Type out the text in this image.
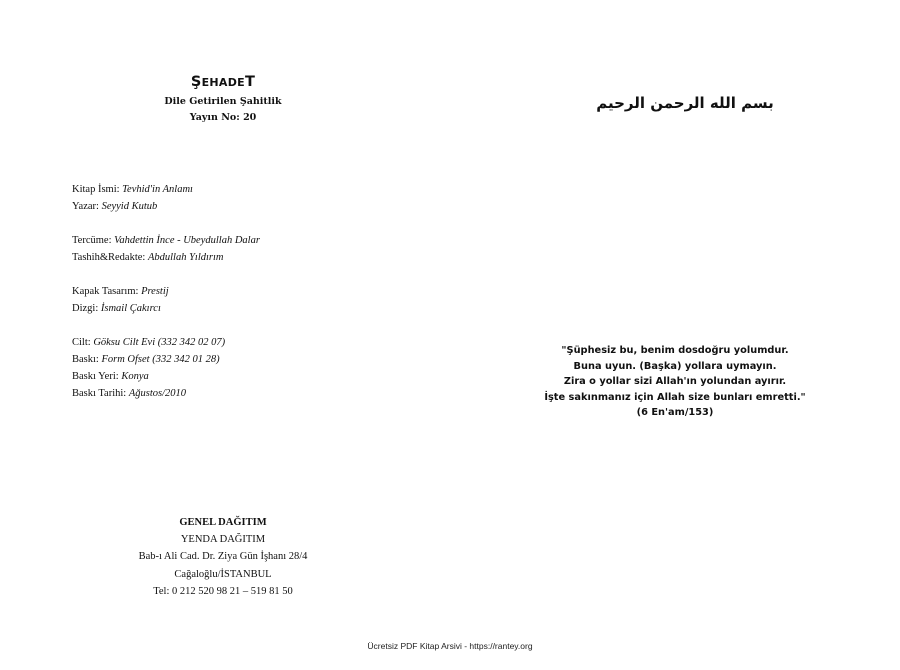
ŞEHADET
Dile Getirilen Şahitlik
Yayın No: 20
Kitap İsmi: Tevhid'in Anlamı
Yazar: Seyyid Kutub
Tercüme: Vahdettin İnce - Ubeydullah Dalar
Tashih&Redakte: Abdullah Yıldırım
Kapak Tasarım: Prestij
Dizgi: İsmail Çakırcı
Cilt: Göksu Cilt Evi (332 342 02 07)
Baskı: Form Ofset (332 342 01 28)
Baskı Yeri: Konya
Baskı Tarihi: Ağustos/2010
GENEL DAĞITIM
YENDA DAĞITIM
Bab-ı Ali Cad. Dr. Ziya Gün İşhanı 28/4
Cağaloğlu/İSTANBUL
Tel: 0 212 520 98 21 – 519 81 50
بسم الله الرحمن الرحيم
"Şüphesiz bu, benim dosdoğru yolumdur.
Buna uyun. (Başka) yollara uymayın.
Zira o yollar sizi Allah'ın yolundan ayırır.
İşte sakınmanız için Allah size bunları emretti."
(6 En'am/153)
Ücretsiz PDF Kitap Arsivi - https://rantey.org
